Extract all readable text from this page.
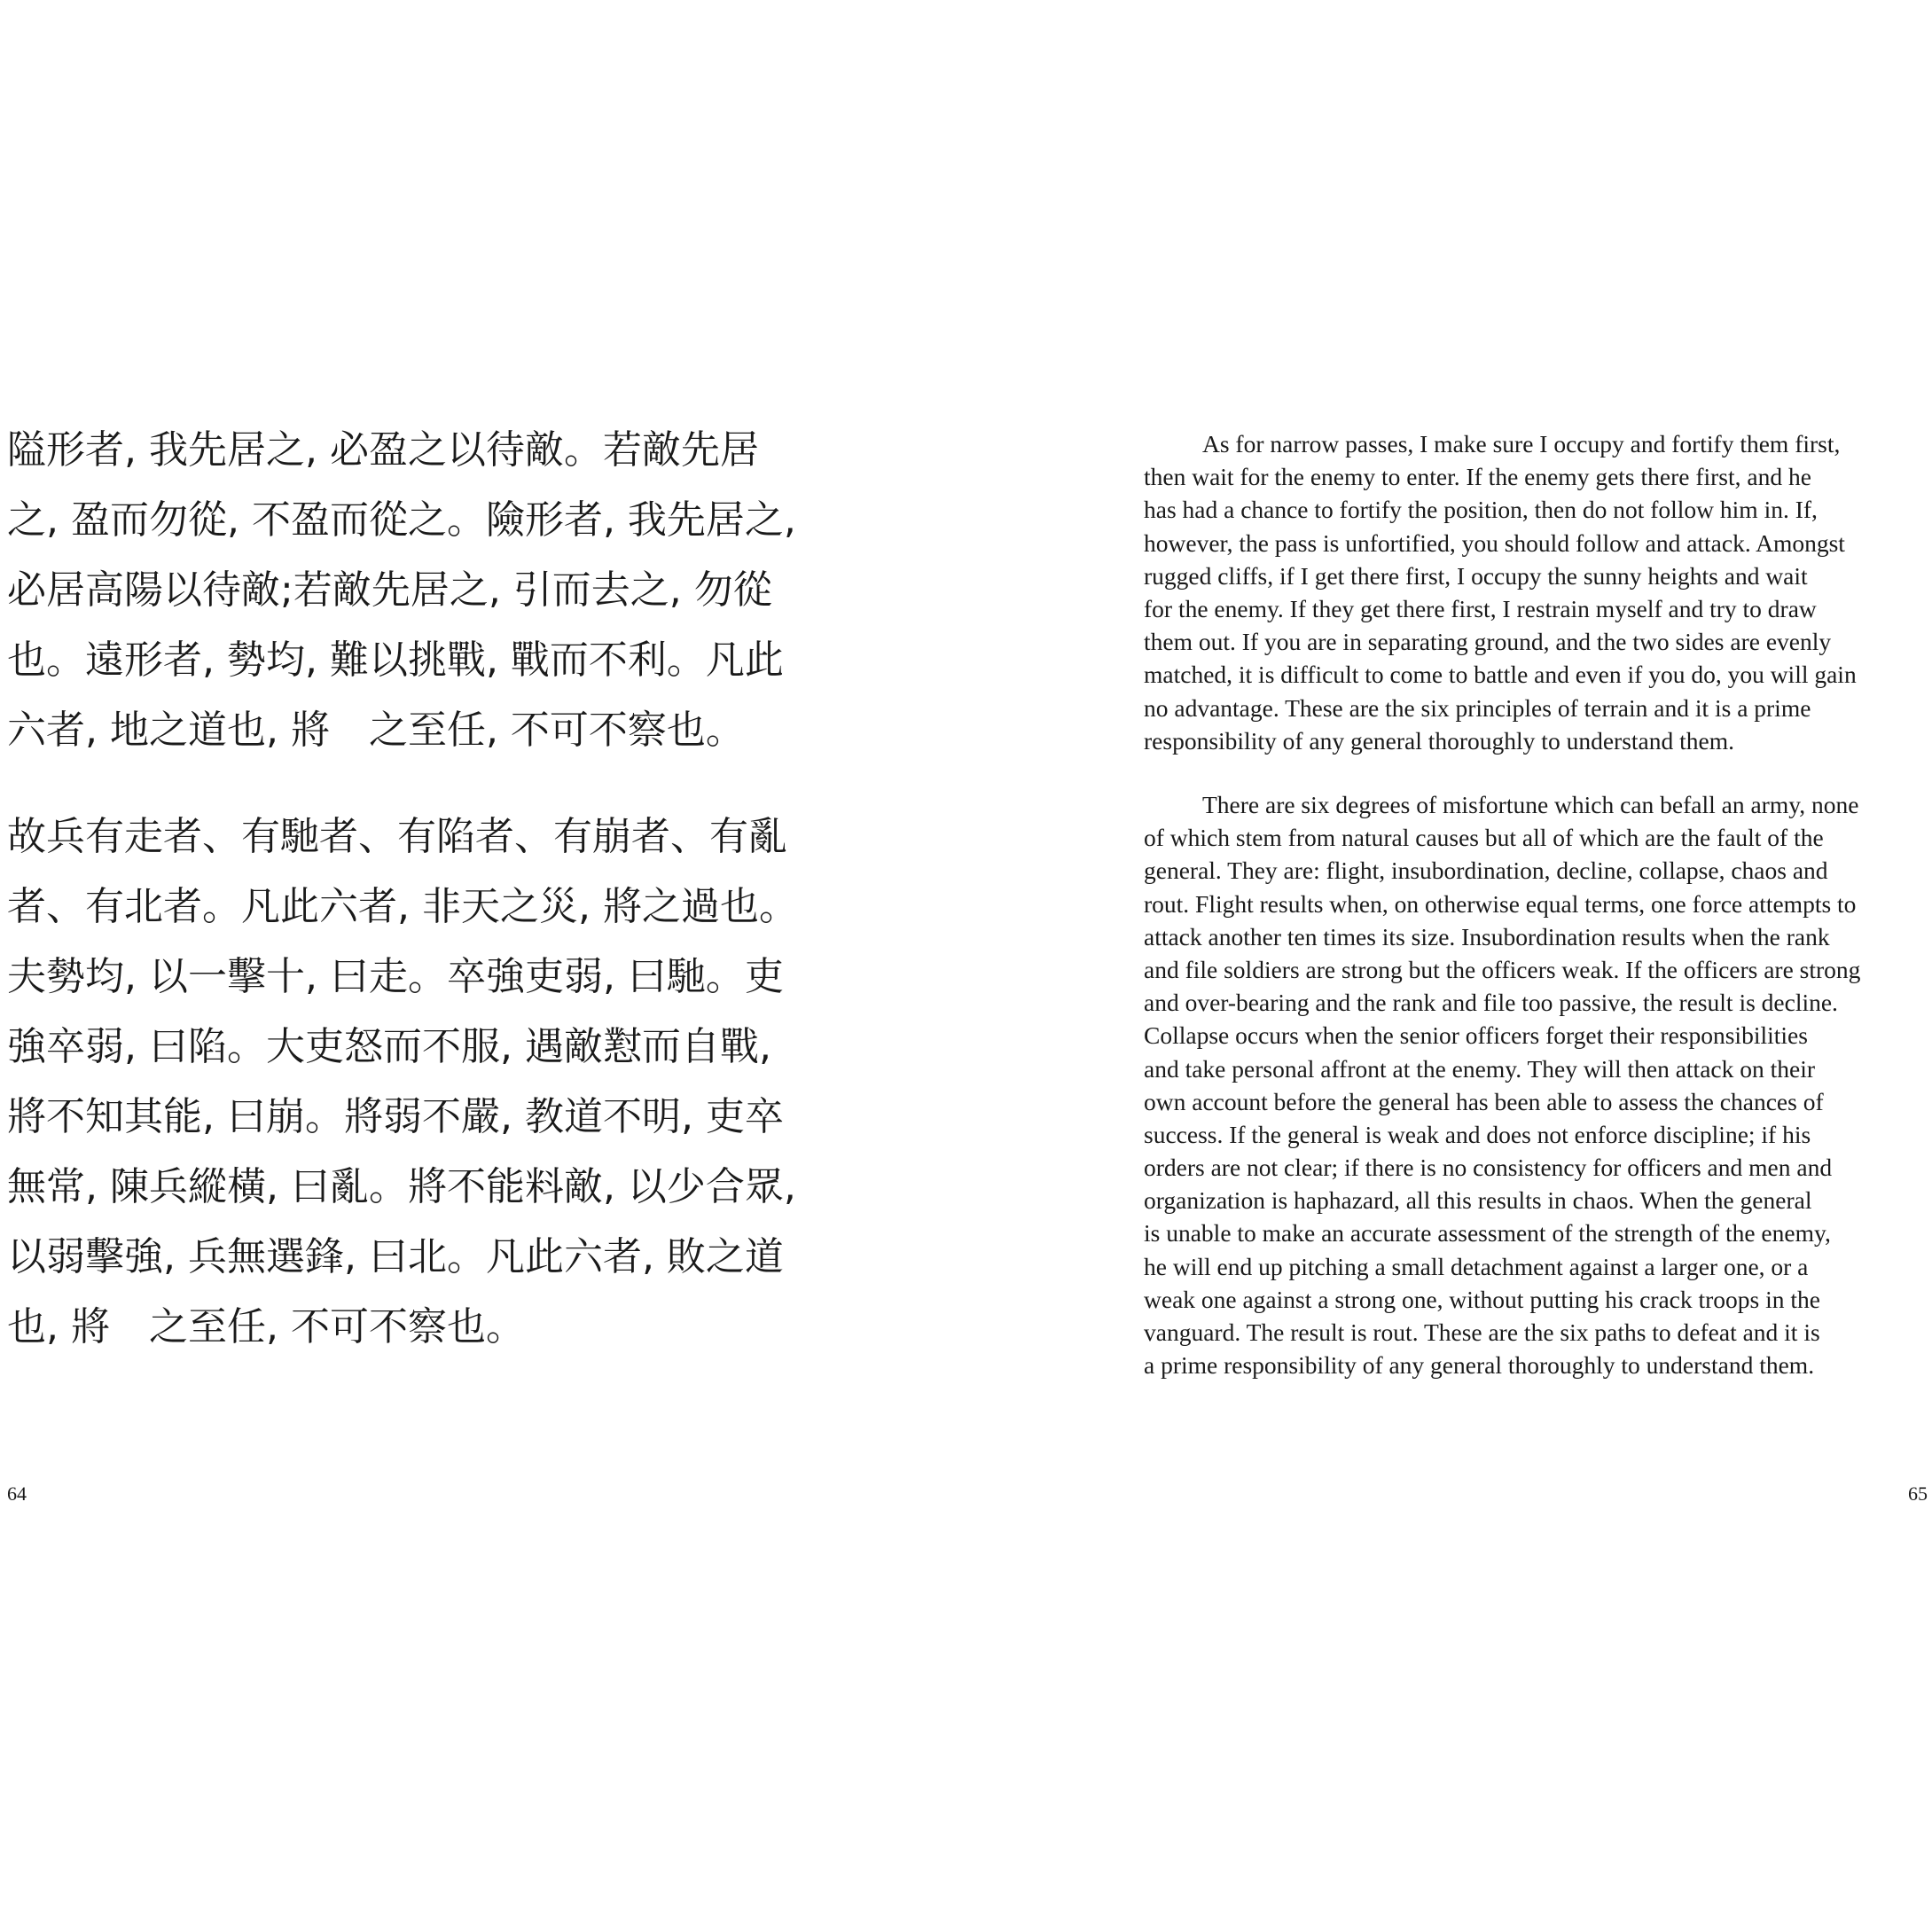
隘形者, 我先居之, 必盈之以待敵。若敵先居
之, 盈而勿從, 不盈而從之。險形者, 我先居之,
必居高陽以待敵;若敵先居之, 引而去之, 勿從
也。遠形者, 勢均, 難以挑戰, 戰而不利。凡此
六者, 地之道也, 將　之至任, 不可不察也。
故兵有走者、有馳者、有陷者、有崩者、有亂
者、有北者。凡此六者, 非天之災, 將之過也。
夫勢均, 以一擊十, 曰走。卒強吏弱, 曰馳。吏
強卒弱, 曰陷。大吏怒而不服, 遇敵懟而自戰,
將不知其能, 曰崩。將弱不嚴, 教道不明, 吏卒
無常, 陳兵縱橫, 曰亂。將不能料敵, 以少合眾,
以弱擊強, 兵無選鋒, 曰北。凡此六者, 敗之道
也, 將　之至任, 不可不察也。
64
As for narrow passes, I make sure I occupy and fortify them first,
then wait for the enemy to enter. If the enemy gets there first, and he
has had a chance to fortify the position, then do not follow him in. If,
however, the pass is unfortified, you should follow and attack. Amongst
rugged cliffs, if I get there first, I occupy the sunny heights and wait
for the enemy. If they get there first, I restrain myself and try to draw
them out. If you are in separating ground, and the two sides are evenly
matched, it is difficult to come to battle and even if you do, you will gain
no advantage. These are the six principles of terrain and it is a prime
responsibility of any general thoroughly to understand them.
There are six degrees of misfortune which can befall an army, none
of which stem from natural causes but all of which are the fault of the
general. They are: flight, insubordination, decline, collapse, chaos and
rout. Flight results when, on otherwise equal terms, one force attempts to
attack another ten times its size. Insubordination results when the rank
and file soldiers are strong but the officers weak. If the officers are strong
and over-bearing and the rank and file too passive, the result is decline.
Collapse occurs when the senior officers forget their responsibilities
and take personal affront at the enemy. They will then attack on their
own account before the general has been able to assess the chances of
success. If the general is weak and does not enforce discipline; if his
orders are not clear; if there is no consistency for officers and men and
organization is haphazard, all this results in chaos. When the general
is unable to make an accurate assessment of the strength of the enemy,
he will end up pitching a small detachment against a larger one, or a
weak one against a strong one, without putting his crack troops in the
vanguard. The result is rout. These are the six paths to defeat and it is
a prime responsibility of any general thoroughly to understand them.
65
